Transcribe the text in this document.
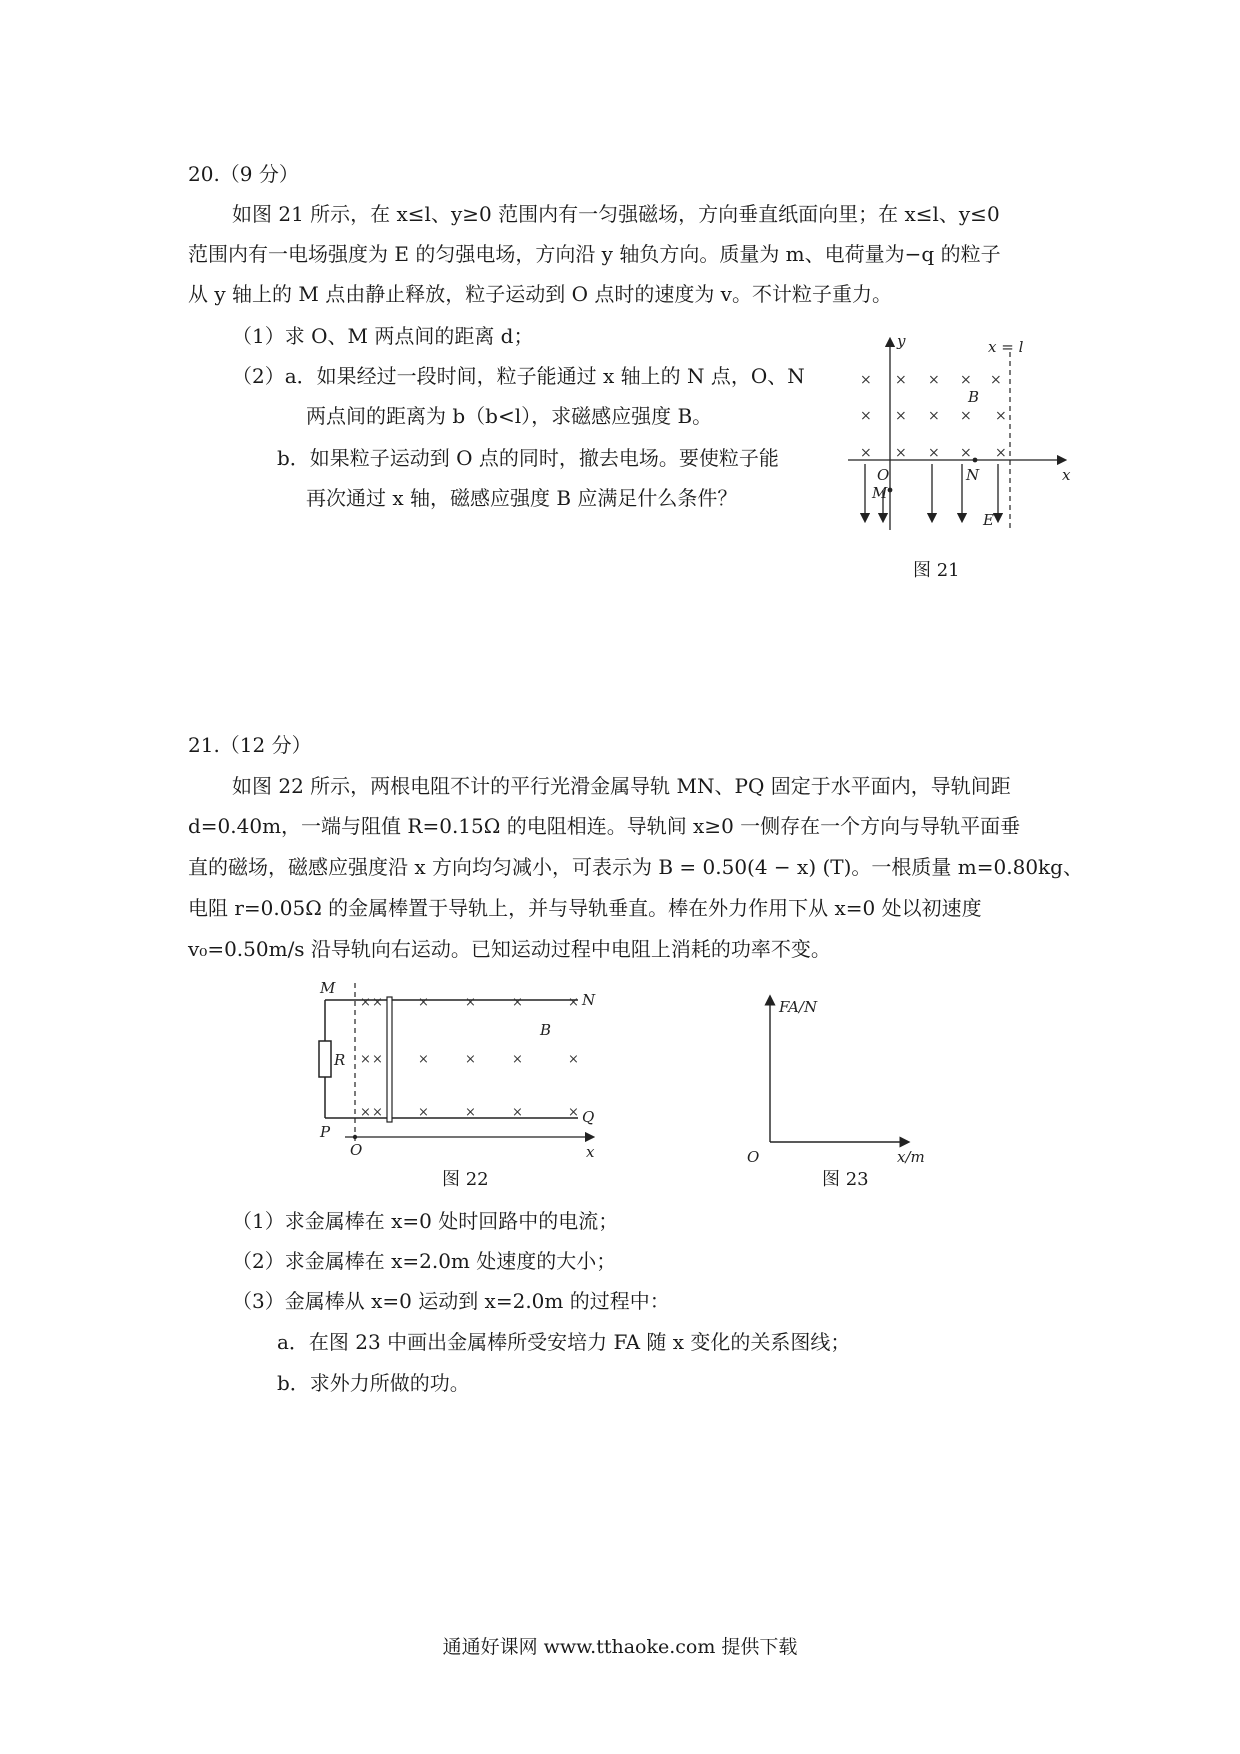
20.（9 分）
如图 21 所示，在 x≤l、y≥0 范围内有一匀强磁场，方向垂直纸面向里；在 x≤l、y≤0
范围内有一电场强度为 E 的匀强电场，方向沿 y 轴负方向。质量为 m、电荷量为−q 的粒子
从 y 轴上的 M 点由静止释放，粒子运动到 O 点时的速度为 v。不计粒子重力。
（1）求 O、M 两点间的距离 d；
（2）a．如果经过一段时间，粒子能通过 x 轴上的 N 点，O、N
两点间的距离为 b（b<l），求磁感应强度 B。
b．如果粒子运动到 O 点的同时，撤去电场。要使粒子能
再次通过 x 轴，磁感应强度 B 应满足什么条件？
× × × × ×
× × × × ×
× × × × ×
y	x = l
B
x
O	N
M
E
图 21
21.（12 分）
如图 22 所示，两根电阻不计的平行光滑金属导轨 MN、PQ 固定于水平面内，导轨间距
d=0.40m，一端与阻值 R=0.15Ω 的电阻相连。导轨间 x≥0 一侧存在一个方向与导轨平面垂
直的磁场，磁感应强度沿 x 方向均匀减小，可表示为 B = 0.50(4 − x) (T)。一根质量 m=0.80kg、
电阻 r=0.05Ω 的金属棒置于导轨上，并与导轨垂直。棒在外力作用下从 x=0 处以初速度
v₀=0.50m/s 沿导轨向右运动。已知运动过程中电阻上消耗的功率不变。
× ×	×	×	×	×
× ×	×	×	×	×
× ×	×	×	×	×
M
N
P
Q
R
B
O	x
图 22
FA/N
x/m
O
图 23
（1）求金属棒在 x=0 处时回路中的电流；
（2）求金属棒在 x=2.0m 处速度的大小；
（3）金属棒从 x=0 运动到 x=2.0m 的过程中：
a．在图 23 中画出金属棒所受安培力 FA 随 x 变化的关系图线；
b．求外力所做的功。
通通好课网 www.tthaoke.com 提供下载
